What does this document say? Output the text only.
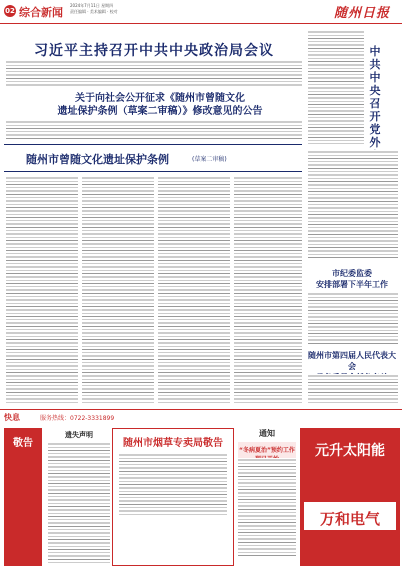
02 综合新闻
2024年7月11日 星期四
责任编辑 · 美术编辑 · 校对	随州日报
习近平主持召开中共中央政治局会议
关于向社会公开征求《随州市曾随文化
遗址保护条例（草案二审稿）》修改意见的公告
随州市曾随文化遗址保护条例	(草案二审稿)
中共中央召开党外
市纪委监委
安排部署下半年工作
随州市第四届人民代表大会
快息	服务热线：0722-3331899
敬告
遗失声明
随州市烟草专卖局敬告
通知
“冬病夏治”预约工作	元升太阳能
万和电气
